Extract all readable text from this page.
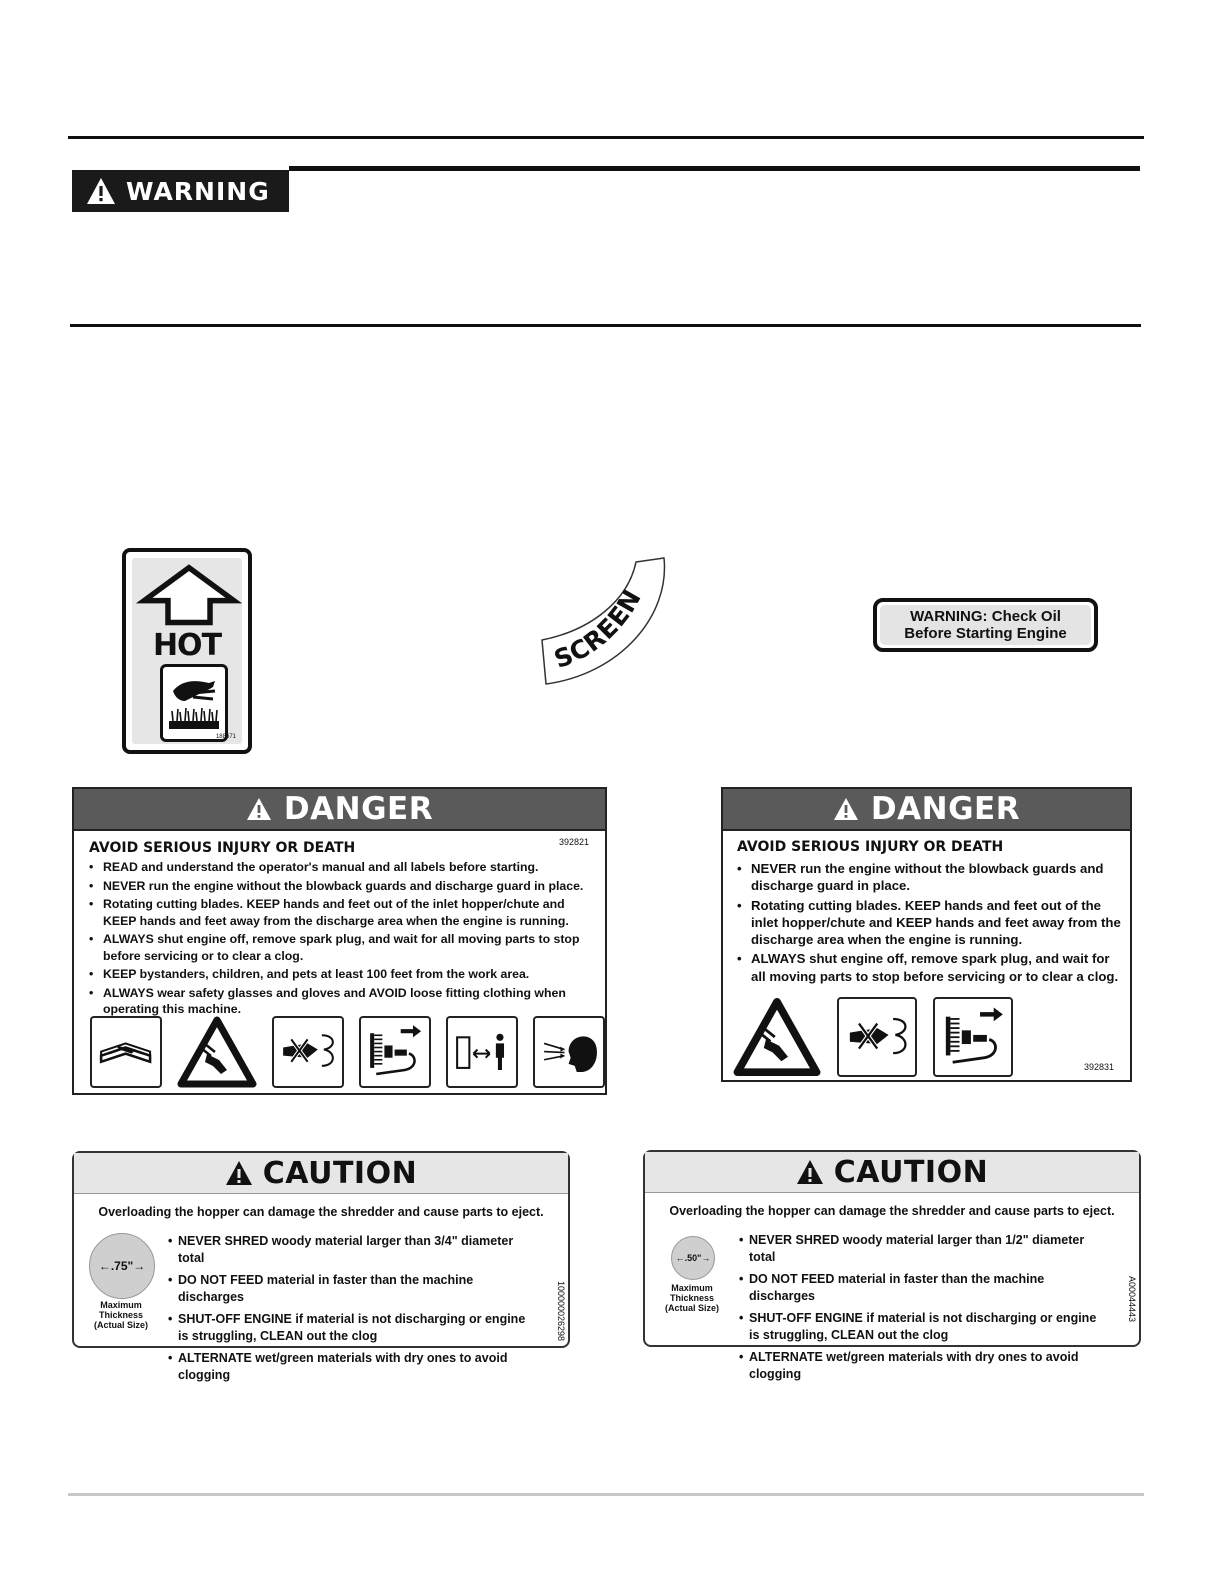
WARNING
HOT
188671
SCREEN	WARNING: Check Oil
Before Starting Engine
DANGER
AVOID SERIOUS INJURY OR DEATH	392821
• READ and understand the operator's manual and all labels before starting.
• NEVER run the engine without the blowback guards and discharge guard in place.
• Rotating cutting blades. KEEP hands and feet out of the inlet hopper/chute and KEEP hands and feet away from the discharge area when the engine is running.
• ALWAYS shut engine off, remove spark plug, and wait for all moving parts to stop before servicing or to clear a clog.
• KEEP bystanders, children, and pets at least 100 feet from the work area.
• ALWAYS wear safety glasses and gloves and AVOID loose fitting clothing when operating this machine.
DANGER
AVOID SERIOUS INJURY OR DEATH
• NEVER run the engine without the blowback guards and discharge guard in place.
• Rotating cutting blades. KEEP hands and feet out of the inlet hopper/chute and KEEP hands and feet away from the discharge area when the engine is running.
• ALWAYS shut engine off, remove spark plug, and wait for all moving parts to stop before servicing or to clear a clog.
392831
CAUTION
Overloading the hopper can damage the shredder and cause parts to eject.
←.75"→
Maximum
Thickness
(Actual Size)
• NEVER SHRED woody material larger than 3/4" diameter total
• DO NOT FEED material in faster than the machine discharges
• SHUT-OFF ENGINE if material is not discharging or engine is struggling, CLEAN out the clog
• ALTERNATE wet/green materials with dry ones to avoid clogging
100000026298
CAUTION
Overloading the hopper can damage the shredder and cause parts to eject.
←.50"→
Maximum
Thickness
(Actual Size)
• NEVER SHRED woody material larger than 1/2" diameter total
• DO NOT FEED material in faster than the machine discharges
• SHUT-OFF ENGINE if material is not discharging or engine is struggling, CLEAN out the clog
• ALTERNATE wet/green materials with dry ones to avoid clogging
A00044443
